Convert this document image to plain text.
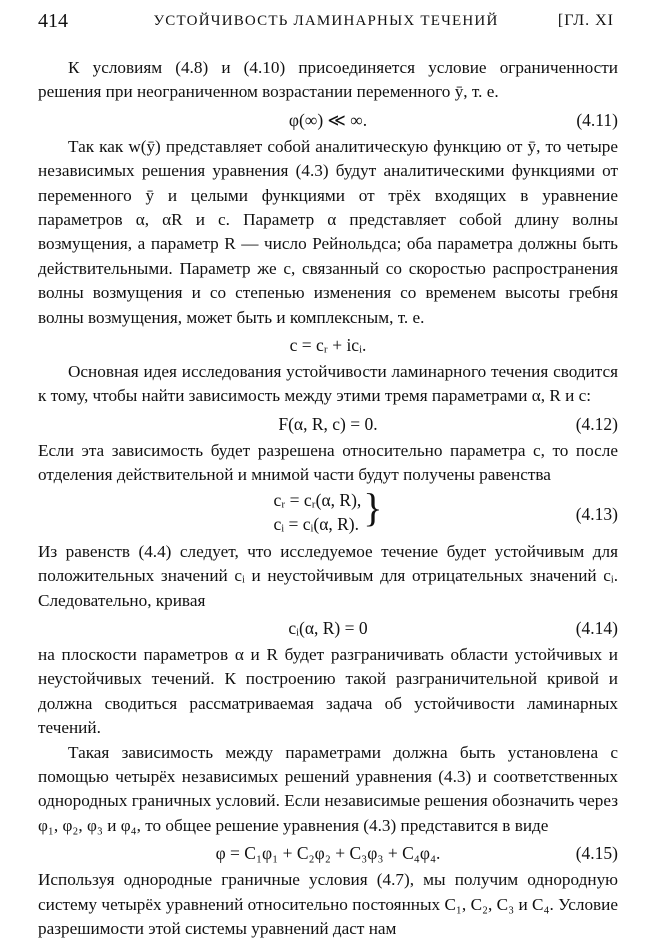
414	УСТОЙЧИВОСТЬ ЛАМИНАРНЫХ ТЕЧЕНИЙ	[ГЛ. XI

К условиям (4.8) и (4.10) присоединяется условие ограниченности решения при неограниченном возрастании переменного ȳ, т. е.

φ(∞) ≪ ∞.	(4.11)

Так как w(ȳ) представляет собой аналитическую функцию от ȳ, то четыре независимых решения уравнения (4.3) будут аналитическими функциями от переменного ȳ и целыми функциями от трёх входящих в уравнение параметров α, αR и c. Параметр α представляет собой длину волны возмущения, а параметр R — число Рейнольдса; оба параметра должны быть действительными. Параметр же c, связанный со скоростью распространения волны возмущения и со степенью изменения со временем высоты гребня волны возмущения, может быть и комплексным, т. е.

c = cᵣ + icᵢ.

Основная идея исследования устойчивости ламинарного течения сводится к тому, чтобы найти зависимость между этими тремя параметрами α, R и c:

F(α, R, c) = 0.	(4.12)

Если эта зависимость будет разрешена относительно параметра c, то после отделения действительной и мнимой части будут получены равенства

cᵣ = cᵣ(α, R),
cᵢ = cᵢ(α, R). }	(4.13)

Из равенств (4.4) следует, что исследуемое течение будет устойчивым для положительных значений cᵢ и неустойчивым для отрицательных значений cᵢ. Следовательно, кривая

cᵢ(α, R) = 0	(4.14)

на плоскости параметров α и R будет разграничивать области устойчивых и неустойчивых течений. К построению такой разграничительной кривой и должна сводиться рассматриваемая задача об устойчивости ламинарных течений.

Такая зависимость между параметрами должна быть установлена с помощью четырёх независимых решений уравнения (4.3) и соответственных однородных граничных условий. Если независимые решения обозначить через φ₁, φ₂, φ₃ и φ₄, то общее решение уравнения (4.3) представится в виде

φ = C₁φ₁ + C₂φ₂ + C₃φ₃ + C₄φ₄.	(4.15)

Используя однородные граничные условия (4.7), мы получим однородную систему четырёх уравнений относительно постоянных C₁, C₂, C₃ и C₄. Условие разрешимости этой системы уравнений даст нам
